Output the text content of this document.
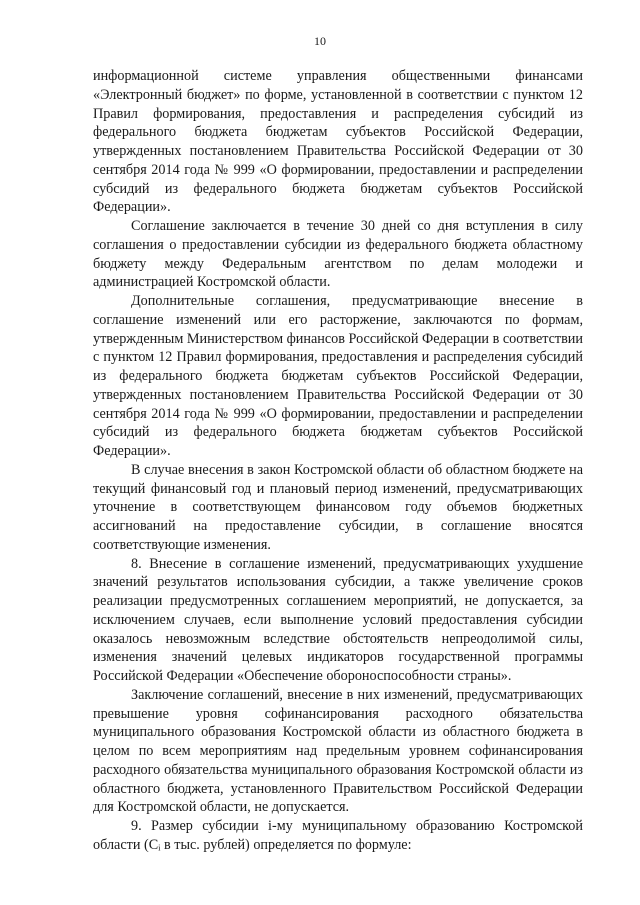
10

информационной системе управления общественными финансами «Электронный бюджет» по форме, установленной в соответствии с пунктом 12 Правил формирования, предоставления и распределения субсидий из федерального бюджета бюджетам субъектов Российской Федерации, утвержденных постановлением Правительства Российской Федерации от 30 сентября 2014 года № 999 «О формировании, предоставлении и распределении субсидий из федерального бюджета бюджетам субъектов Российской Федерации».

Соглашение заключается в течение 30 дней со дня вступления в силу соглашения о предоставлении субсидии из федерального бюджета областному бюджету между Федеральным агентством по делам молодежи и администрацией Костромской области.

Дополнительные соглашения, предусматривающие внесение в соглашение изменений или его расторжение, заключаются по формам, утвержденным Министерством финансов Российской Федерации в соответствии с пунктом 12 Правил формирования, предоставления и распределения субсидий из федерального бюджета бюджетам субъектов Российской Федерации, утвержденных постановлением Правительства Российской Федерации от 30 сентября 2014 года № 999 «О формировании, предоставлении и распределении субсидий из федерального бюджета бюджетам субъектов Российской Федерации».

В случае внесения в закон Костромской области об областном бюджете на текущий финансовый год и плановый период изменений, предусматривающих уточнение в соответствующем финансовом году объемов бюджетных ассигнований на предоставление субсидии, в соглашение вносятся соответствующие изменения.

8. Внесение в соглашение изменений, предусматривающих ухудшение значений результатов использования субсидии, а также увеличение сроков реализации предусмотренных соглашением мероприятий, не допускается, за исключением случаев, если выполнение условий предоставления субсидии оказалось невозможным вследствие обстоятельств непреодолимой силы, изменения значений целевых индикаторов государственной программы Российской Федерации «Обеспечение обороноспособности страны».

Заключение соглашений, внесение в них изменений, предусматривающих превышение уровня софинансирования расходного обязательства муниципального образования Костромской области из областного бюджета в целом по всем мероприятиям над предельным уровнем софинансирования расходного обязательства муниципального образования Костромской области из областного бюджета, установленного Правительством Российской Федерации для Костромской области, не допускается.

9. Размер субсидии i-му муниципальному образованию Костромской области (Cᵢ в тыс. рублей) определяется по формуле:
